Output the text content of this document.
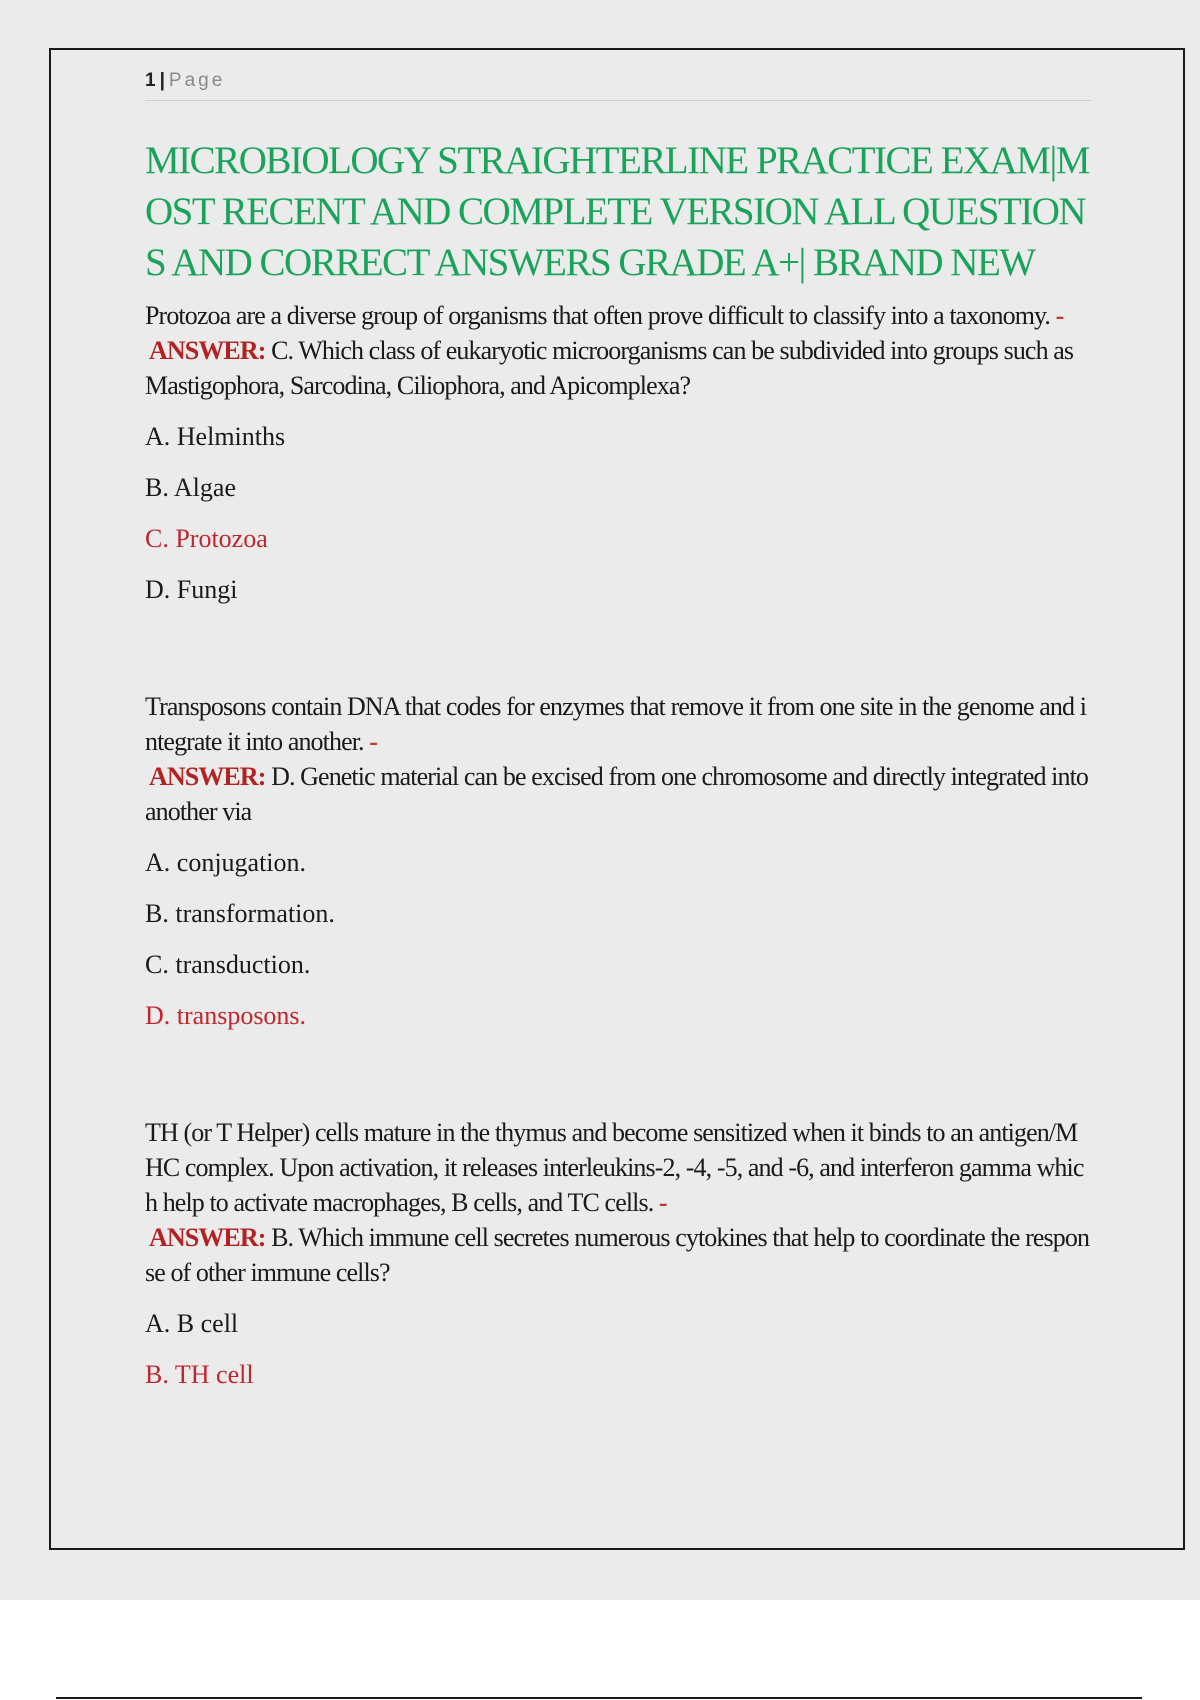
1 | Page
MICROBIOLOGY STRAIGHTERLINE PRACTICE EXAM|MOST RECENT AND COMPLETE VERSION ALL QUESTIONS AND CORRECT ANSWERS GRADE A+| BRAND NEW

Protozoa are a diverse group of organisms that often prove difficult to classify into a taxonomy. -

ANSWER: C. Which class of eukaryotic microorganisms can be subdivided into groups such as Mastigophora, Sarcodina, Ciliophora, and Apicomplexa?

A. Helminths

B. Algae

C. Protozoa

D. Fungi

Transposons contain DNA that codes for enzymes that remove it from one site in the genome and integrate it into another. -

ANSWER: D. Genetic material can be excised from one chromosome and directly integrated into another via

A. conjugation.

B. transformation.

C. transduction.

D. transposons.

TH (or T Helper) cells mature in the thymus and become sensitized when it binds to an antigen/MHC complex. Upon activation, it releases interleukins-2, -4, -5, and -6, and interferon gamma which help to activate macrophages, B cells, and TC cells. -

ANSWER: B. Which immune cell secretes numerous cytokines that help to coordinate the response of other immune cells?

A. B cell

B. TH cell
